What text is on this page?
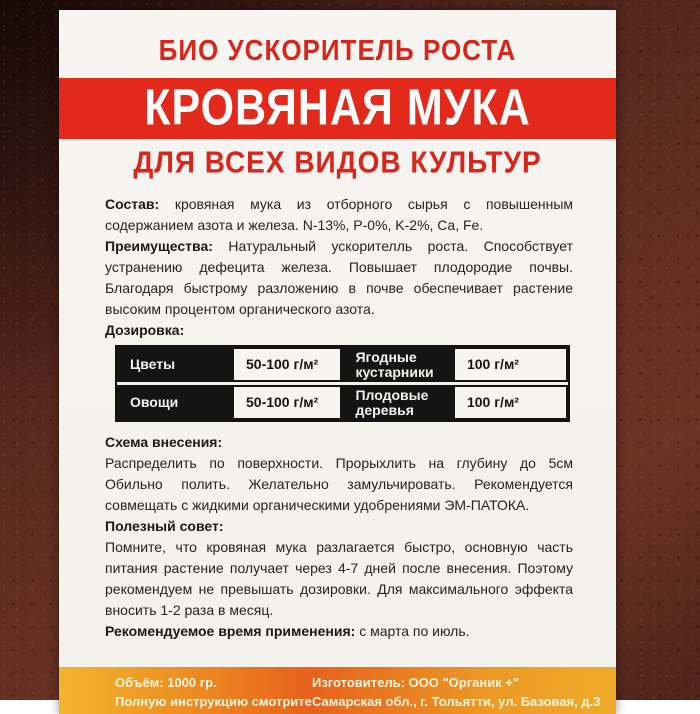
БИО УСКОРИТЕЛЬ РОСТА
КРОВЯНАЯ МУКА
ДЛЯ ВСЕХ ВИДОВ КУЛЬТУР

Состав: кровяная мука из отборного сырья с повышенным содержанием азота и железа. N-13%, P-0%, K-2%, Ca, Fe.

Преимущества: Натуральный ускорителль роста. Способствует устранению дефецита железа. Повышает плодородие почвы. Благодаря быстрому разложению в почве обеспечивает растение высоким процентом органического азота.

Дозировка:

Цветы	50-100 г/м²	Ягодные кустарники	100 г/м²
Овощи	50-100 г/м²	Плодовые деревья	100 г/м²

Схема внесения:
Распределить по поверхности. Прорыхлить на глубину до 5см Обильно полить. Желательно замульчировать. Рекомендуется совмещать с жидкими органическими удобрениями ЭМ-ПАТОКА.

Полезный совет:
Помните, что кровяная мука разлагается быстро, основную часть питания растение получает через 4-7 дней после внесения. Поэтому рекомендуем не превышать дозировки. Для максимального эффекта вносить 1-2 раза в месяц.

Рекомендуемое время применения: с марта по июль.

Объём: 1000 гр.
Полную инструкцию смотрите
Изготовитель: ООО "Органик +"
Самарская обл., г. Тольятти, ул. Базовая, д.3
